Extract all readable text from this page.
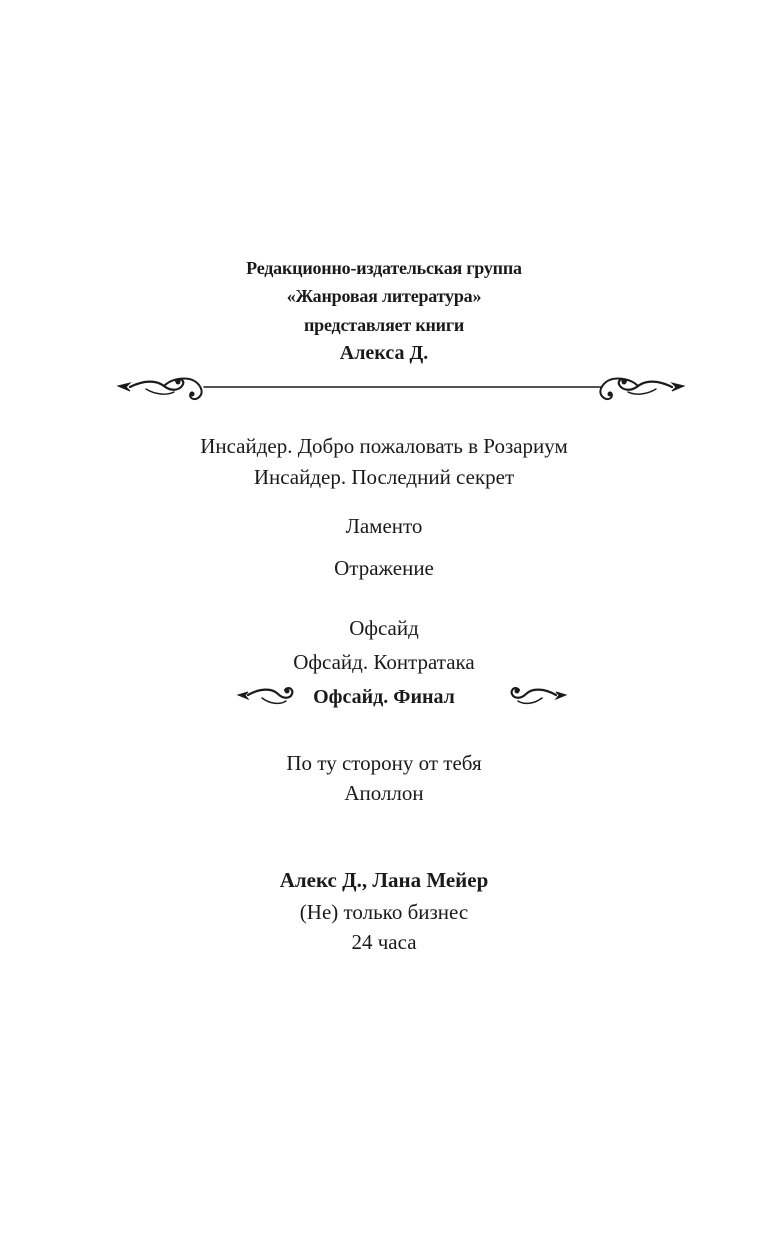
Редакционно-издательская группа
«Жанровая литература»
представляет книги
Алекса Д.
Инсайдер. Добро пожаловать в Розариум
Инсайдер. Последний секрет
Ламенто
Отражение
Офсайд
Офсайд. Контратака
Офсайд. Финал
По ту сторону от тебя
Аполлон
Алекс Д., Лана Мейер
(Не) только бизнес
24 часа
